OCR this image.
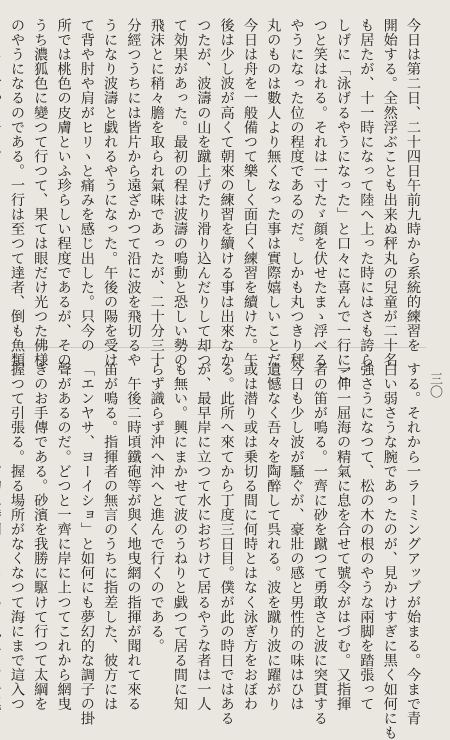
今日は第二日、二十四日午前九時から系統的練習を
開始する。全然浮ぶことも出来ぬ秤丸の兒童が二十名
も居たが、十一時になって陸へ上った時にはさも誇ら
しげに「泳げるやうになった」と口々に喜んで一行にご
つと笑はれる。それは一寸たゞ顔を伏せたまゝ浮べる
やうになった位の程度であるのだ。しかも丸つきり秤
丸のものは數人より無くなった事は實際嬉しいことだ
今日は舟を一般備つて樂しく面白く練習を續けた。午
後は少し波が高くて朝來の練習を續ける事は出來なか
つたが、波濤の山を蹴上げたり滑り込んだりして却つ
て効果があった。最初の程は波濤の鳴動と恐しい勢の
飛沫とに稍々膽を取られ氣味であったが、二十分三十
分經つうちには皆片から遠ざかつて沿に波を飛切るや
うになり波濤と戯れるやうになった。午後の陽を受け
て背や肘や肩がヒリヽと痛みを感じ出した。只今の
所では桃色の皮膚といふ珍らしい程度であるが、その
うち濃狐色に變つて行つて、果ては眼だけ光つた佛様
のやうになるのである。一行は至つて達者、倒も魚類
三〇
する。それから一ラーミングアップが始まる。今まで青
白い弱さうな腕であったのが、見かけすぎに黒く如何にも
強さうになつて、松の木の根のやうな兩脚を踏張って
一伸一屈海の精氣に息を合せて號令がはづむ。又指揮
者の笛が鳴る。一齊に砂を蹴つて勇敢さと波に突貫する
今日も少し波が騒ぐが、豪壯の感と男性的の味はひは
遺憾なく吾々を陶醉して呉れる。波を蹴り波に躍がり
或は潜り或は乗切る間に何時とはなく泳ぎ方をおぼわ
る。此所へ來てから丁度三日目。僕が此の時日ではある
が、最早岸に立つて水におぢけて居るやうな者は一人
も無い。興にまかせて波のうねりと戯つて居る間に知
らず識らず沖へ沖へと進んで行くのである。
　午後二時頃鐵砲等が與く地曳網の指揮が聞れて來る
笛が鳴る。指揮者の無言のうちに指差した、彼方には
「エンヤサ、ヨーイショ」と如何にも夢幻的な調子の掛
聲があるのだ。どつと一齊に岸に上つてこれから網曳
きのお手傳である。砂濱を我勝に駆けて行つて太綱を
握つて引張る。握る場所がなくなつて海にまで這入つ
